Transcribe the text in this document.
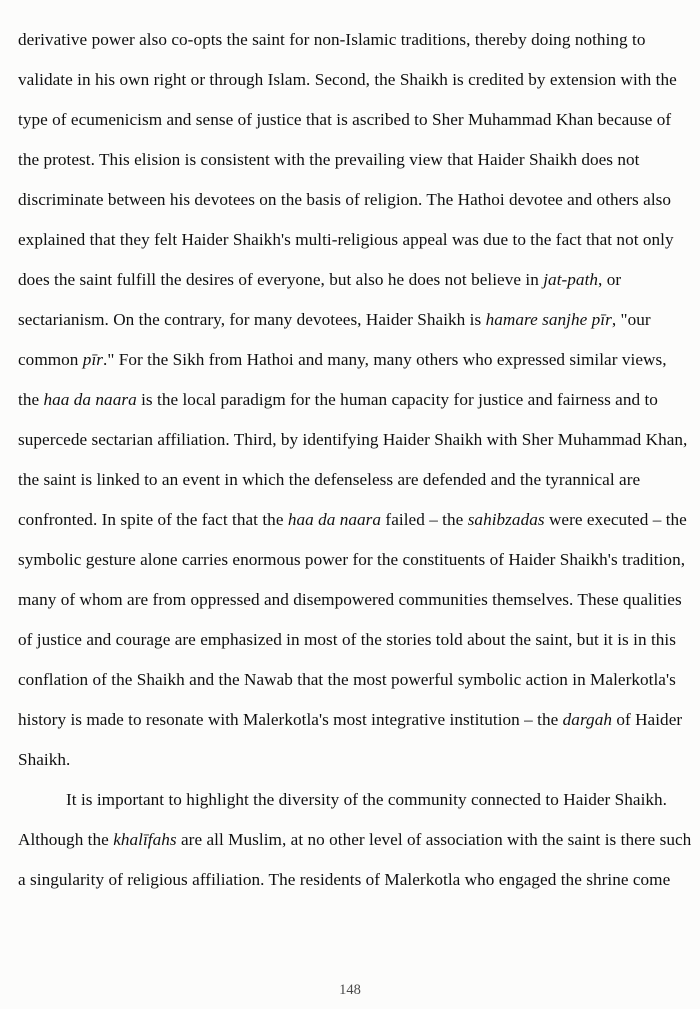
derivative power also co-opts the saint for non-Islamic traditions, thereby doing nothing to
validate in his own right or through Islam. Second, the Shaikh is credited by extension with the
type of ecumenicism and sense of justice that is ascribed to Sher Muhammad Khan because of
the protest. This elision is consistent with the prevailing view that Haider Shaikh does not
discriminate between his devotees on the basis of religion. The Hathoi devotee and others also
explained that they felt Haider Shaikh's multi-religious appeal was due to the fact that not only
does the saint fulfill the desires of everyone, but also he does not believe in jat-path, or
sectarianism. On the contrary, for many devotees, Haider Shaikh is hamare sanjhe pīr, "our
common pīr." For the Sikh from Hathoi and many, many others who expressed similar views,
the haa da naara is the local paradigm for the human capacity for justice and fairness and to
supercede sectarian affiliation. Third, by identifying Haider Shaikh with Sher Muhammad Khan,
the saint is linked to an event in which the defenseless are defended and the tyrannical are
confronted. In spite of the fact that the haa da naara failed – the sahibzadas were executed – the
symbolic gesture alone carries enormous power for the constituents of Haider Shaikh's tradition,
many of whom are from oppressed and disempowered communities themselves. These qualities
of justice and courage are emphasized in most of the stories told about the saint, but it is in this
conflation of the Shaikh and the Nawab that the most powerful symbolic action in Malerkotla's
history is made to resonate with Malerkotla's most integrative institution – the dargah of Haider
Shaikh.
It is important to highlight the diversity of the community connected to Haider Shaikh.
Although the khalīfahs are all Muslim, at no other level of association with the saint is there such
a singularity of religious affiliation. The residents of Malerkotla who engaged the shrine come
148
